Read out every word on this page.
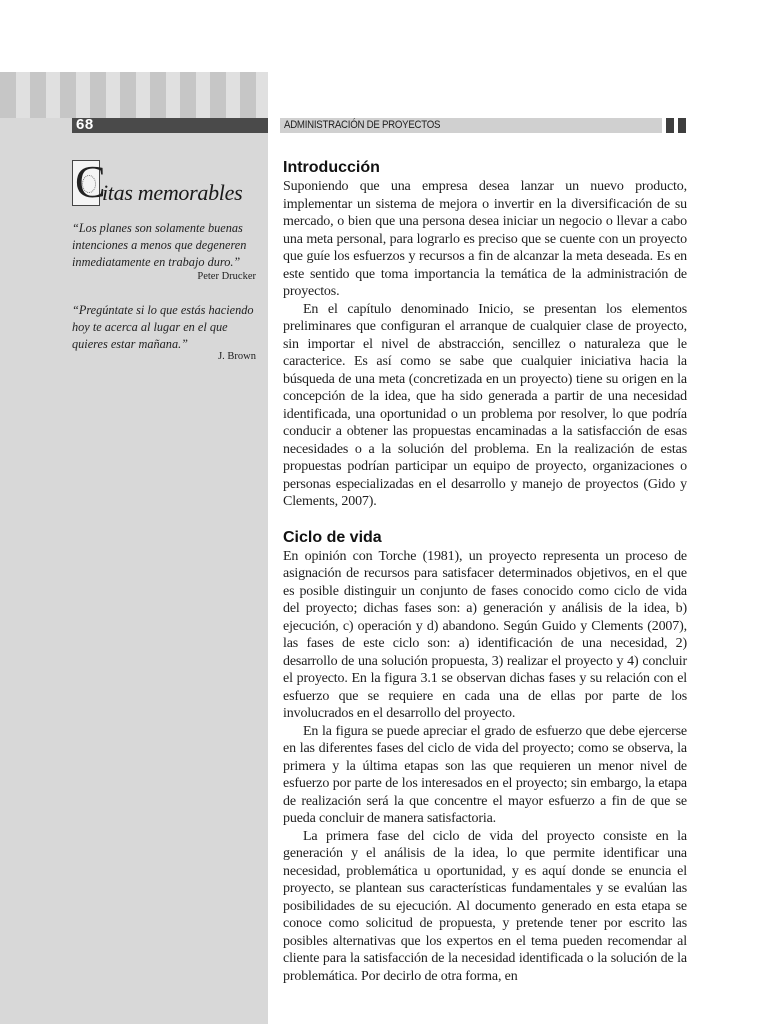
68	ADMINISTRACIÓN DE PROYECTOS
C
itas memorables
“Los planes son solamente buenas intenciones a menos que degeneren inmediatamente en trabajo duro.”
Peter Drucker
“Pregúntate si lo que estás haciendo hoy te acerca al lugar en el que quieres estar mañana.”
J. Brown
Introducción

Suponiendo que una empresa desea lanzar un nuevo producto, implementar un sistema de mejora o invertir en la diversificación de su mercado, o bien que una persona desea iniciar un negocio o llevar a cabo una meta personal, para lograrlo es preciso que se cuente con un proyecto que guíe los esfuerzos y recursos a fin de alcanzar la meta deseada. Es en este sentido que toma importancia la temática de la administración de proyectos.

En el capítulo denominado Inicio, se presentan los elementos preliminares que configuran el arranque de cualquier clase de proyecto, sin importar el nivel de abstracción, sencillez o naturaleza que le caracterice. Es así como se sabe que cualquier iniciativa hacia la búsqueda de una meta (concretizada en un proyecto) tiene su origen en la concepción de la idea, que ha sido generada a partir de una necesidad identificada, una oportunidad o un problema por resolver, lo que podría conducir a obtener las propuestas encaminadas a la satisfacción de esas necesidades o a la solución del problema. En la realización de estas propuestas podrían participar un equipo de proyecto, organizaciones o personas especializadas en el desarrollo y manejo de proyectos (Gido y Clements, 2007).

Ciclo de vida

En opinión con Torche (1981), un proyecto representa un proceso de asignación de recursos para satisfacer determinados objetivos, en el que es posible distinguir un conjunto de fases conocido como ciclo de vida del proyecto; dichas fases son: a) generación y análisis de la idea, b) ejecución, c) operación y d) abandono. Según Guido y Clements (2007), las fases de este ciclo son: a) identificación de una necesidad, 2) desarrollo de una solución propuesta, 3) realizar el proyecto y 4) concluir el proyecto. En la figura 3.1 se observan dichas fases y su relación con el esfuerzo que se requiere en cada una de ellas por parte de los involucrados en el desarrollo del proyecto.

En la figura se puede apreciar el grado de esfuerzo que debe ejercerse en las diferentes fases del ciclo de vida del proyecto; como se observa, la primera y la última etapas son las que requieren un menor nivel de esfuerzo por parte de los interesados en el proyecto; sin embargo, la etapa de realización será la que concentre el mayor esfuerzo a fin de que se pueda concluir de manera satisfactoria.

La primera fase del ciclo de vida del proyecto consiste en la generación y el análisis de la idea, lo que permite identificar una necesidad, problemática u oportunidad, y es aquí donde se enuncia el proyecto, se plantean sus características fundamentales y se evalúan las posibilidades de su ejecución. Al documento generado en esta etapa se conoce como solicitud de propuesta, y pretende tener por escrito las posibles alternativas que los expertos en el tema pueden recomendar al cliente para la satisfacción de la necesidad identificada o la solución de la problemática. Por decirlo de otra forma, en
